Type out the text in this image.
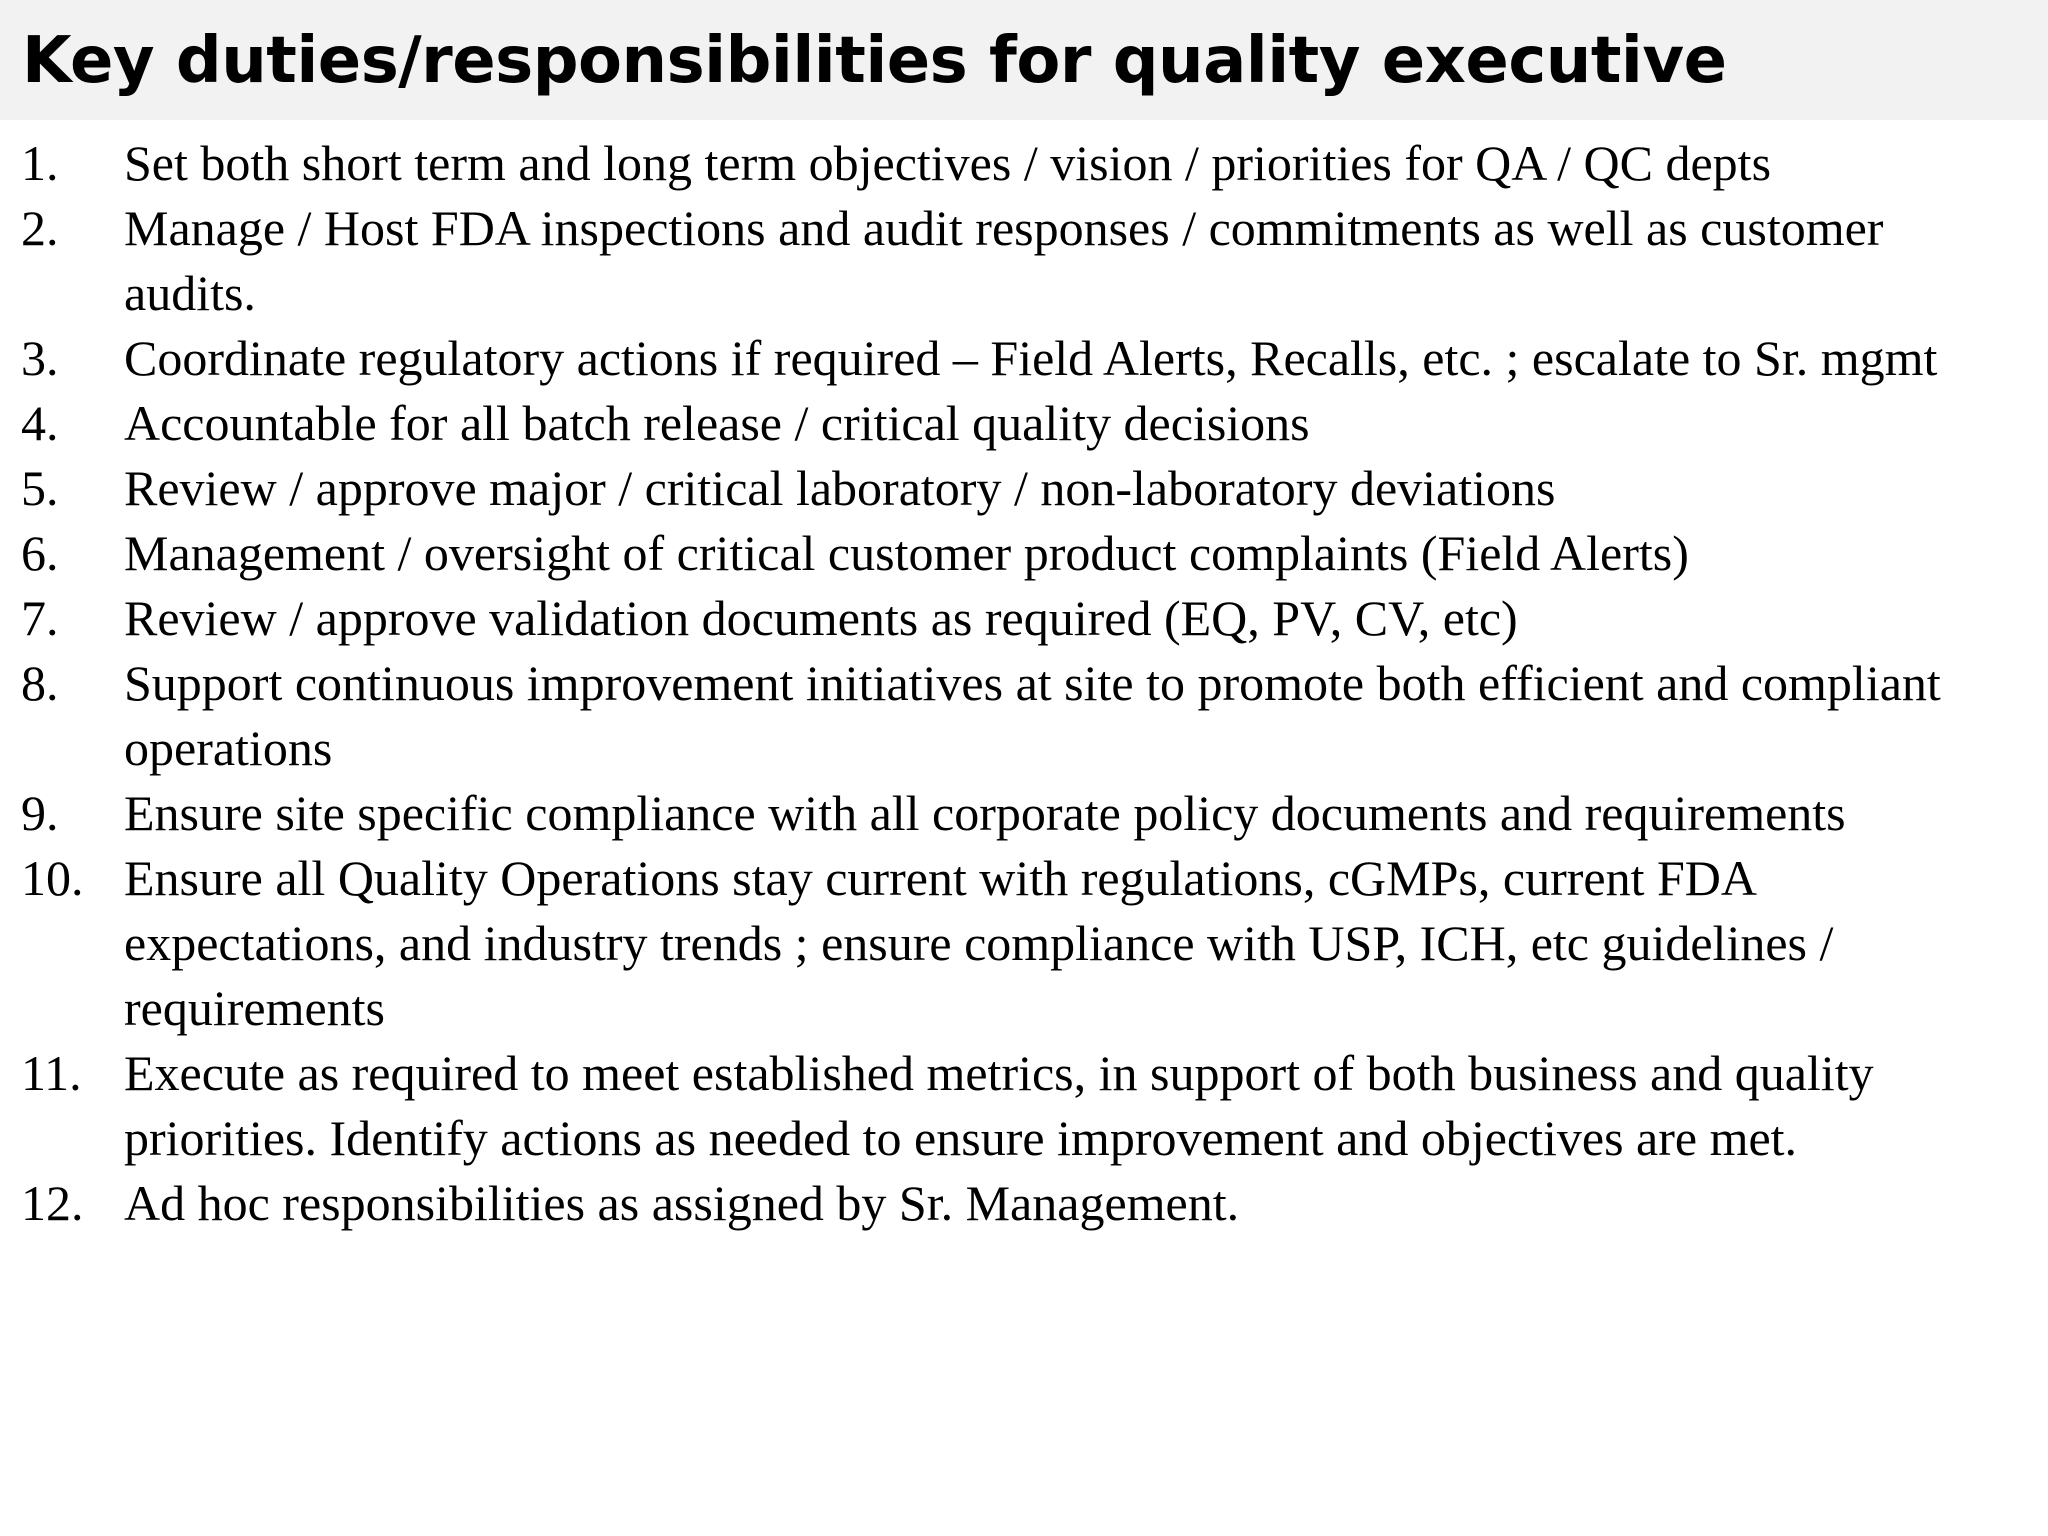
Key duties/responsibilities for quality executive
1.	Set both short term and long term objectives / vision / priorities for QA / QC depts
2.	Manage / Host FDA inspections and audit responses / commitments as well as customer audits.
3.	Coordinate regulatory actions if required – Field Alerts, Recalls, etc. ; escalate to Sr. mgmt
4.	Accountable for all batch release / critical quality decisions
5.	Review / approve major / critical laboratory / non-laboratory deviations
6.	Management / oversight of critical customer product complaints (Field Alerts)
7.	Review / approve validation documents as required (EQ, PV, CV, etc)
8.	Support continuous improvement initiatives at site to promote both efficient and compliant operations
9.	Ensure site specific compliance with all corporate policy documents and requirements
10. Ensure all Quality Operations stay current with regulations, cGMPs, current FDA expectations, and industry trends ; ensure compliance with USP, ICH, etc guidelines / requirements
11. Execute as required to meet established metrics, in support of both business and quality priorities. Identify actions as needed to ensure improvement and objectives are met.
12. Ad hoc responsibilities as assigned by Sr. Management.
